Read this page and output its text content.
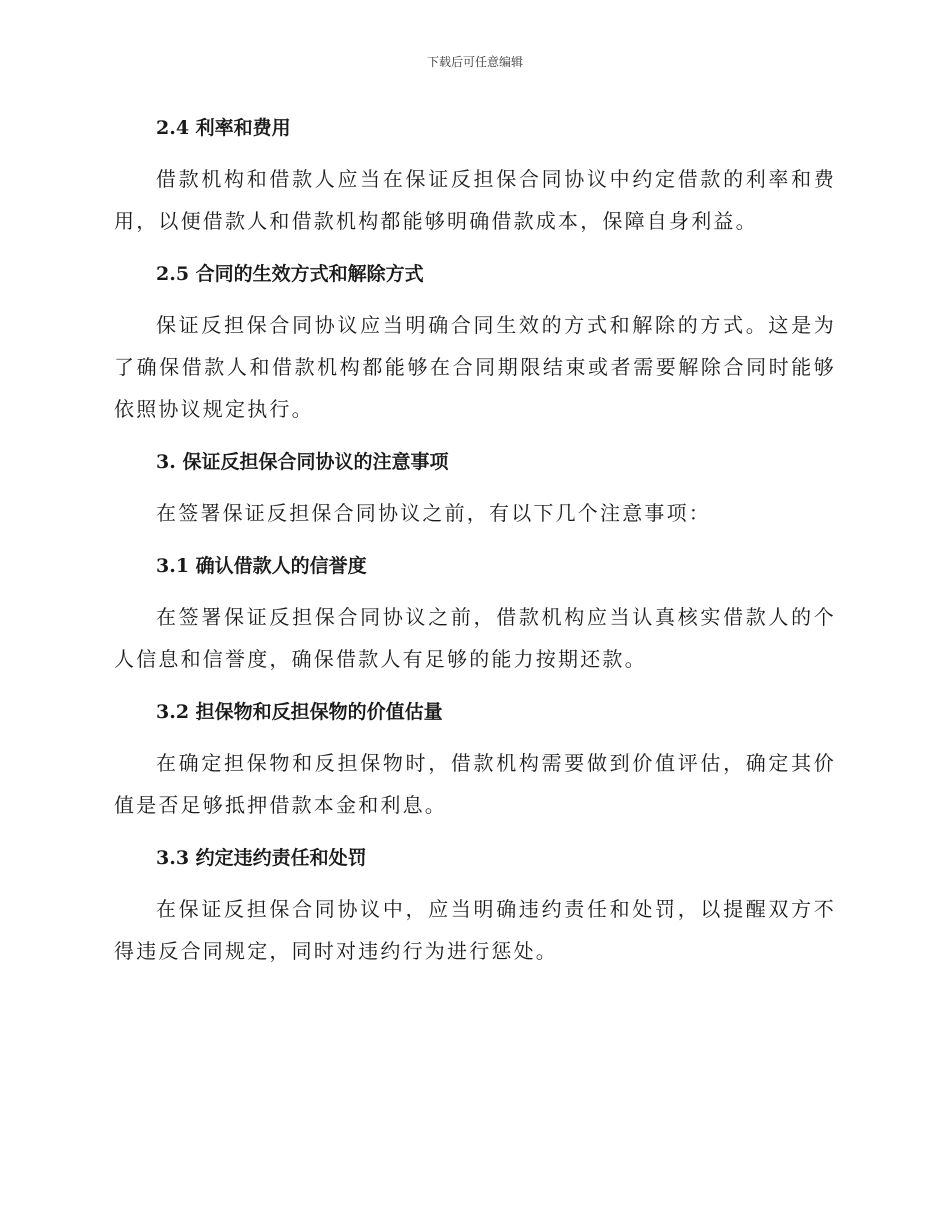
下载后可任意编辑

2.4 利率和费用

借款机构和借款人应当在保证反担保合同协议中约定借款的利率和费用，以便借款人和借款机构都能够明确借款成本，保障自身利益。

2.5 合同的生效方式和解除方式

保证反担保合同协议应当明确合同生效的方式和解除的方式。这是为了确保借款人和借款机构都能够在合同期限结束或者需要解除合同时能够依照协议规定执行。

3. 保证反担保合同协议的注意事项

在签署保证反担保合同协议之前，有以下几个注意事项：

3.1 确认借款人的信誉度

在签署保证反担保合同协议之前，借款机构应当认真核实借款人的个人信息和信誉度，确保借款人有足够的能力按期还款。

3.2 担保物和反担保物的价值估量

在确定担保物和反担保物时，借款机构需要做到价值评估，确定其价值是否足够抵押借款本金和利息。

3.3 约定违约责任和处罚

在保证反担保合同协议中，应当明确违约责任和处罚，以提醒双方不得违反合同规定，同时对违约行为进行惩处。
